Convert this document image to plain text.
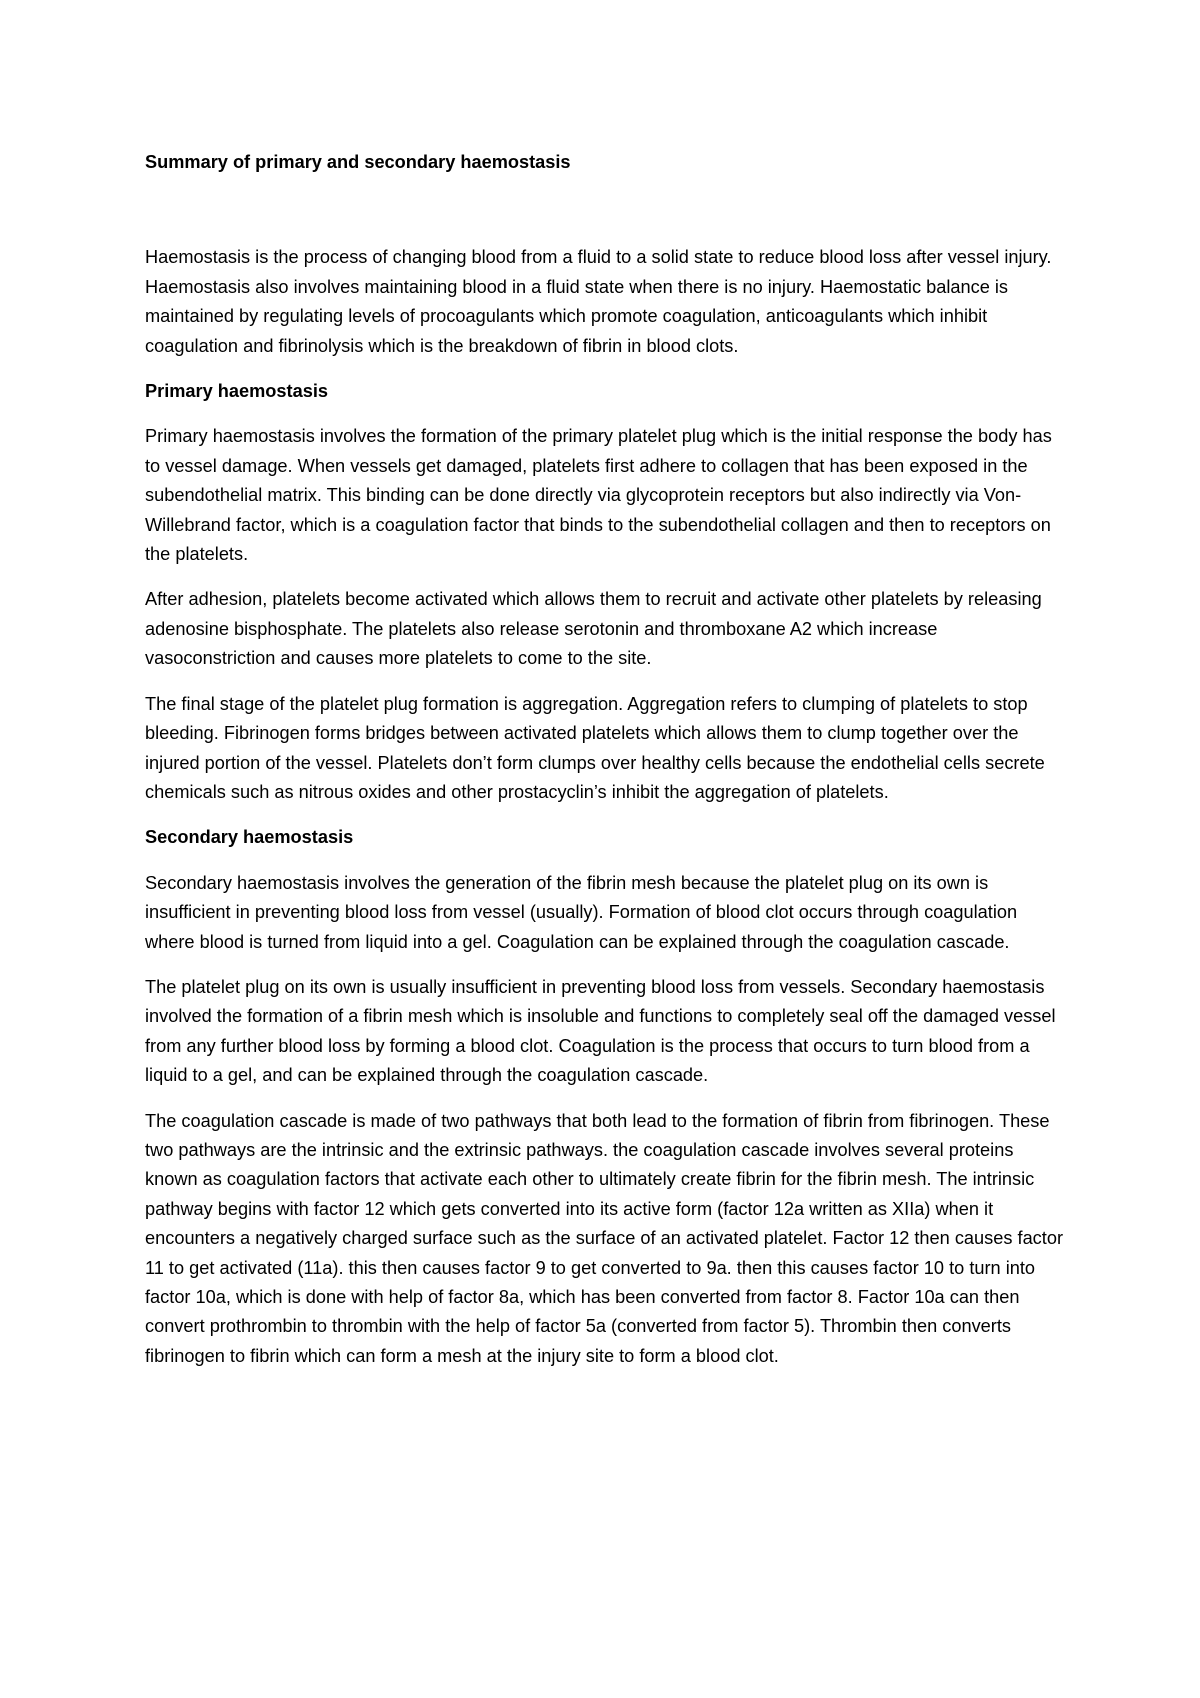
Summary of primary and secondary haemostasis

Haemostasis is the process of changing blood from a fluid to a solid state to reduce blood loss after vessel injury. Haemostasis also involves maintaining blood in a fluid state when there is no injury. Haemostatic balance is maintained by regulating levels of procoagulants which promote coagulation, anticoagulants which inhibit coagulation and fibrinolysis which is the breakdown of fibrin in blood clots.

Primary haemostasis

Primary haemostasis involves the formation of the primary platelet plug which is the initial response the body has to vessel damage. When vessels get damaged, platelets first adhere to collagen that has been exposed in the subendothelial matrix. This binding can be done directly via glycoprotein receptors but also indirectly via Von-Willebrand factor, which is a coagulation factor that binds to the subendothelial collagen and then to receptors on the platelets.

After adhesion, platelets become activated which allows them to recruit and activate other platelets by releasing adenosine bisphosphate. The platelets also release serotonin and thromboxane A2 which increase vasoconstriction and causes more platelets to come to the site.

The final stage of the platelet plug formation is aggregation. Aggregation refers to clumping of platelets to stop bleeding. Fibrinogen forms bridges between activated platelets which allows them to clump together over the injured portion of the vessel. Platelets don’t form clumps over healthy cells because the endothelial cells secrete chemicals such as nitrous oxides and other prostacyclin’s inhibit the aggregation of platelets.

Secondary haemostasis

Secondary haemostasis involves the generation of the fibrin mesh because the platelet plug on its own is insufficient in preventing blood loss from vessel (usually). Formation of blood clot occurs through coagulation where blood is turned from liquid into a gel. Coagulation can be explained through the coagulation cascade.

The platelet plug on its own is usually insufficient in preventing blood loss from vessels. Secondary haemostasis involved the formation of a fibrin mesh which is insoluble and functions to completely seal off the damaged vessel from any further blood loss by forming a blood clot. Coagulation is the process that occurs to turn blood from a liquid to a gel, and can be explained through the coagulation cascade.

The coagulation cascade is made of two pathways that both lead to the formation of fibrin from fibrinogen. These two pathways are the intrinsic and the extrinsic pathways. the coagulation cascade involves several proteins known as coagulation factors that activate each other to ultimately create fibrin for the fibrin mesh. The intrinsic pathway begins with factor 12 which gets converted into its active form (factor 12a written as XIIa) when it encounters a negatively charged surface such as the surface of an activated platelet. Factor 12 then causes factor 11 to get activated (11a). this then causes factor 9 to get converted to 9a. then this causes factor 10 to turn into factor 10a, which is done with help of factor 8a, which has been converted from factor 8. Factor 10a can then convert prothrombin to thrombin with the help of factor 5a (converted from factor 5). Thrombin then converts fibrinogen to fibrin which can form a mesh at the injury site to form a blood clot.
